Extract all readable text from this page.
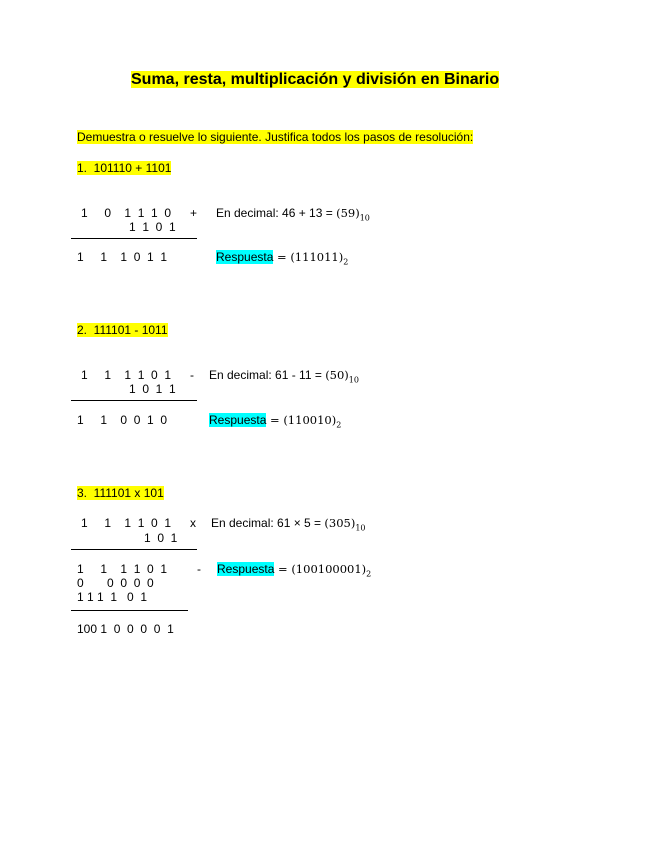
Suma, resta, multiplicación y división en Binario
Demuestra o resuelve lo siguiente. Justifica todos los pasos de resolución:
1.  101110 + 1101
1     0    1  1  1  0 +
1  1  0  1
1     1    1  0  1  1
En decimal: $46 + 13 = (59)_{10}$
Respuesta = $(111011)_2$
2.  111101 - 1011
1     1    1  1  0  1 -
1  0  1  1
1     1    0  0  1  0
En decimal: $61 - 11 = (50)_{10}$
Respuesta = $(110010)_2$
3.  111101 x 101
1     1    1  1  0  1 x
1  0  1
1     1    1  1  0  1 -
0       0  0  0  0
1 1 1  1   0  1
100 1  0  0  0  0  1
En decimal: $61 \times 5 = (305)_{10}$
Respuesta = $(100100001)_2$
